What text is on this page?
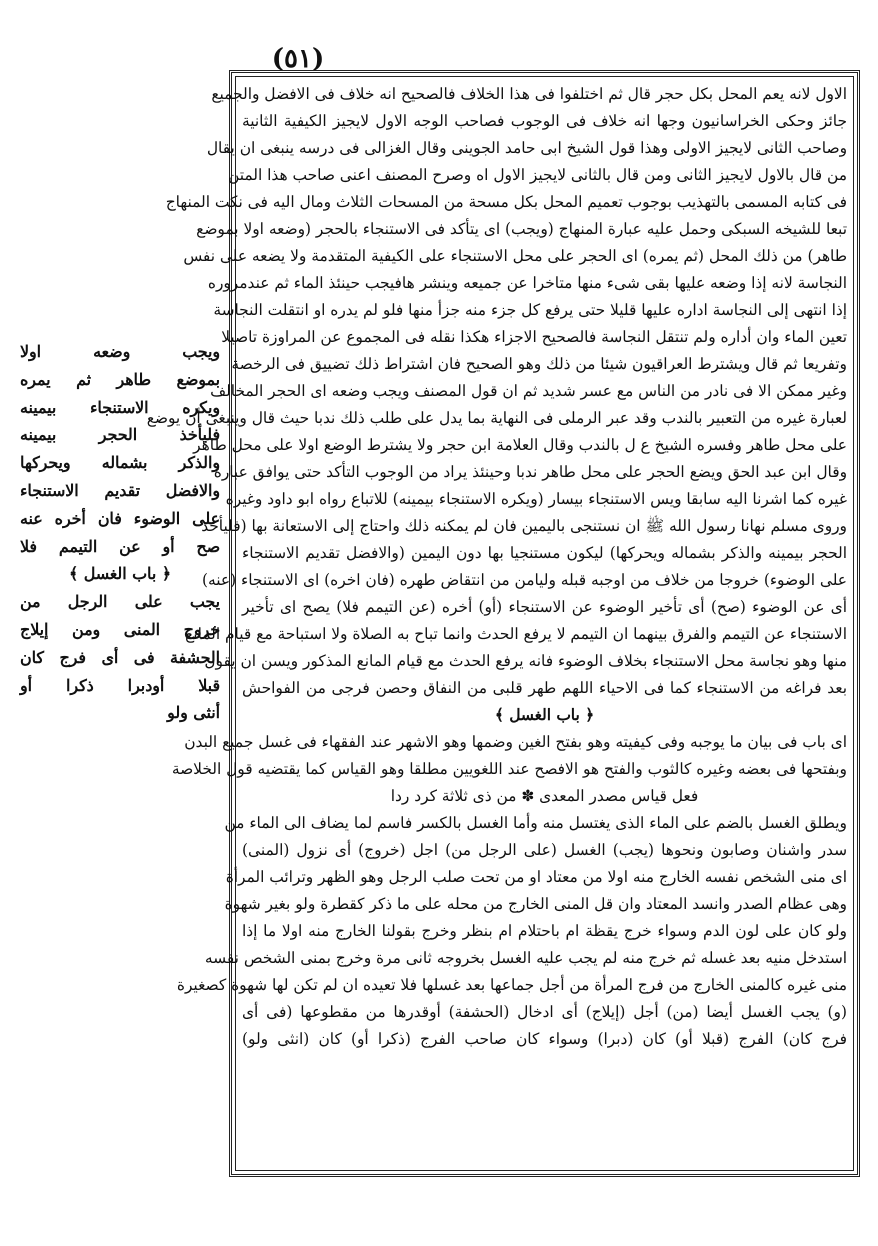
(٥١)
الاول لانه يعم المحل بكل حجر قال ثم اختلفوا فى هذا الخلاف فالصحيح انه خلاف فى الافضل والجميع
جائز وحكى الخراسانيون وجها انه خلاف فى الوجوب فصاحب الوجه الاول لايجيز الكيفية الثانية
وصاحب الثانى لايجيز الاولى وهذا قول الشيخ ابى حامد الجوينى وقال الغزالى فى درسه ينبغى ان يقال
من قال بالاول لايجيز الثانى ومن قال بالثانى لايجيز الاول اه وصرح المصنف اعنى صاحب هذا المتن
فى كتابه المسمى بالتهذيب بوجوب تعميم المحل بكل مسحة من المسحات الثلاث ومال اليه فى نكت المنهاج
تبعا للشيخه السبكى وحمل عليه عبارة المنهاج (ويجب) اى يتأكد فى الاستنجاء بالحجر (وضعه اولا بموضع
طاهر) من ذلك المحل (ثم يمره) اى الحجر على محل الاستنجاء على الكيفية المتقدمة ولا يضعه على نفس
النجاسة لانه إذا وضعه عليها بقى شىء منها متاخرا عن جميعه وينشر هافيجب حينئذ الماء ثم عندمروره
إذا انتهى إلى النجاسة اداره عليها قليلا حتى يرفع كل جزء منه جزأ منها فلو لم يدره او انتقلت النجاسة
تعين الماء وان أداره ولم تنتقل النجاسة فالصحيح الاجزاء هكذا نقله فى المجموع عن المراوزة تاصيلا
وتفريعا ثم قال ويشترط العراقيون شيئا من ذلك وهو الصحيح فان اشتراط ذلك تضييق فى الرخصة
وغير ممكن الا فى نادر من الناس مع عسر شديد ثم ان قول المصنف ويجب وضعه اى الحجر المخالف
لعبارة غيره من التعبير بالندب وقد عبر الرملى فى النهاية بما يدل على طلب ذلك ندبا حيث قال وينبغى أن يوضع
على محل طاهر وفسره الشيخ ع ل بالندب وقال العلامة ابن حجر ولا يشترط الوضع اولا على محل طاهر
وقال ابن عبد الحق ويضع الحجر على محل طاهر ندبا وحينئذ يراد من الوجوب التأكد حتى يوافق عبارة
غيره كما اشرنا اليه سابقا ويس الاستنجاء بيسار (ويكره الاستنجاء بيمينه) للاتباع رواه ابو داود وغيره
وروى مسلم نهانا رسول الله ﷺ ان نستنجى باليمين فان لم يمكنه ذلك واحتاج إلى الاستعانة بها (فليأخذ
الحجر بيمينه والذكر بشماله ويحركها) ليكون مستنجيا بها دون اليمين (والافضل تقديم الاستنجاء
على الوضوء) خروجا من خلاف من اوجبه قبله وليامن من انتقاض طهره (فان اخره) اى الاستنجاء (عنه)
أى عن الوضوء (صح) أى تأخير الوضوء عن الاستنجاء (أو) أخره (عن التيمم فلا) يصح اى تأخير
الاستنجاء عن التيمم والفرق بينهما ان التيمم لا يرفع الحدث وانما تباح به الصلاة ولا استباحة مع قيام المانع
منها وهو نجاسة محل الاستنجاء بخلاف الوضوء فانه يرفع الحدث مع قيام المانع المذكور ويسن ان يقول
بعد فراغه من الاستنجاء كما فى الاحياء اللهم طهر قلبى من النفاق وحصن فرجى من الفواحش
﴿ باب الغسل ﴾
اى باب فى بيان ما يوجبه وفى كيفيته وهو بفتح الغين وضمها وهو الاشهر عند الفقهاء فى غسل جميع البدن
وبفتحها فى بعضه وغيره كالثوب والفتح هو الافصح عند اللغويين مطلقا وهو القياس كما يقتضيه قول الخلاصة
فعل قياس مصدر المعدى ✽ من ذى ثلاثة كرد ردا
ويطلق الغسل بالضم على الماء الذى يغتسل منه وأما الغسل بالكسر فاسم لما يضاف الى الماء من
سدر واشنان وصابون ونحوها (يجب) الغسل (على الرجل من) اجل (خروج) أى نزول (المنى)
اى منى الشخص نفسه الخارج منه اولا من معتاد او من تحت صلب الرجل وهو الظهر وترائب المرأة
وهى عظام الصدر وانسد المعتاد وان قل المنى الخارج من محله على ما ذكر كقطرة ولو بغير شهوة
ولو كان على لون الدم وسواء خرج يقظة ام باحتلام ام بنظر وخرج بقولنا الخارج منه اولا ما إذا
استدخل منيه بعد غسله ثم خرج منه لم يجب عليه الغسل بخروجه ثانى مرة وخرج بمنى الشخص نفسه
منى غيره كالمنى الخارج من فرج المرأة من أجل جماعها بعد غسلها فلا تعيده ان لم تكن لها شهوة كصغيرة
(و) يجب الغسل أيضا (من) أجل (إيلاج) أى ادخال (الحشفة) أوقدرها من مقطوعها (فى أى
فرج كان) الفرج (قبلا أو) كان (دبرا) وسواء كان صاحب الفرج (ذكرا أو) كان (انثى ولو)
ويجب وضعه اولا
بموضع طاهر ثم يمره
ويكره الاستنجاء بيمينه
فليأخذ الحجر بيمينه
والذكر بشماله ويحركها
والافضل تقديم الاستنجاء
على الوضوء فان أخره عنه
صح أو عن التيمم فلا
﴿ باب الغسل ﴾
يجب على الرجل من
خروج المنى ومن إيلاج
الحشفة فى أى فرج كان
قبلا أودبرا ذكرا أو
أنثى ولو
